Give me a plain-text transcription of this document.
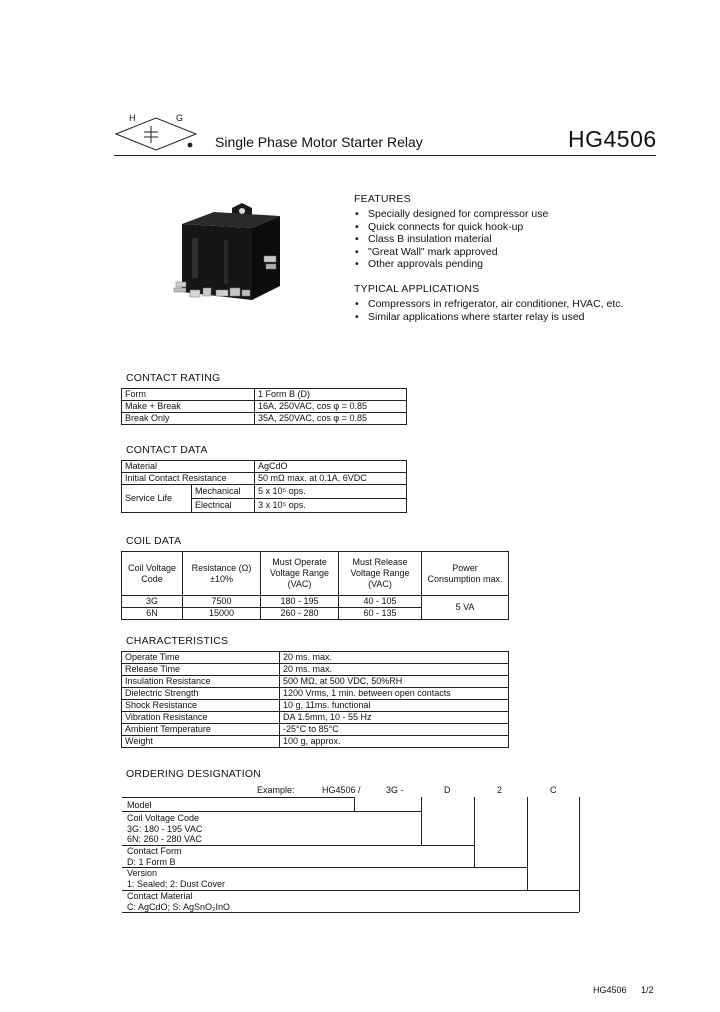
H	G
Single Phase Motor Starter Relay	HG4506
FEATURES
• Specially designed for compressor use
• Quick connects for quick hook-up
• Class B insulation material
• "Great Wall" mark approved
• Other approvals pending
TYPICAL APPLICATIONS
• Compressors in refrigerator, air conditioner, HVAC, etc.
• Similar applications where starter relay is used
CONTACT RATING
Form	1 Form B (D)
Make + Break	16A, 250VAC, cos φ = 0.85
Break Only	35A, 250VAC, cos φ = 0.85
CONTACT DATA
Material		AgCdO
Initial Contact Resistance		50 mΩ max. at 0.1A, 6VDC
Service Life	Mechanical	5 x 10⁵ ops.
	Electrical	3 x 10⁵ ops.
COIL DATA
Coil Voltage Code	Resistance (Ω) ±10%	Must Operate Voltage Range (VAC)	Must Release Voltage Range (VAC)	Power Consumption max.
3G	7500	180 - 195	40 - 105	5 VA
6N	15000	260 - 280	60 - 135	
CHARACTERISTICS
Operate Time	20 ms. max.
Release Time	20 ms. max.
Insulation Resistance	500 MΩ, at 500 VDC, 50%RH
Dielectric Strength	1200 Vrms, 1 min. between open contacts
Shock Resistance	10 g, 11ms. functional
Vibration Resistance	DA 1.5mm, 10 - 55 Hz
Ambient Temperature	-25°C to 85°C
Weight	100 g, approx.
ORDERING DESIGNATION
Example:	HG4506 /	3G -	D	2	C
Model
Coil Voltage Code
3G: 180 - 195 VAC
6N: 260 - 280 VAC
Contact Form
D: 1 Form B
Version
1: Sealed; 2: Dust Cover
Contact Material
C: AgCdO; S: AgSnO₂InO
HG4506 1/2
